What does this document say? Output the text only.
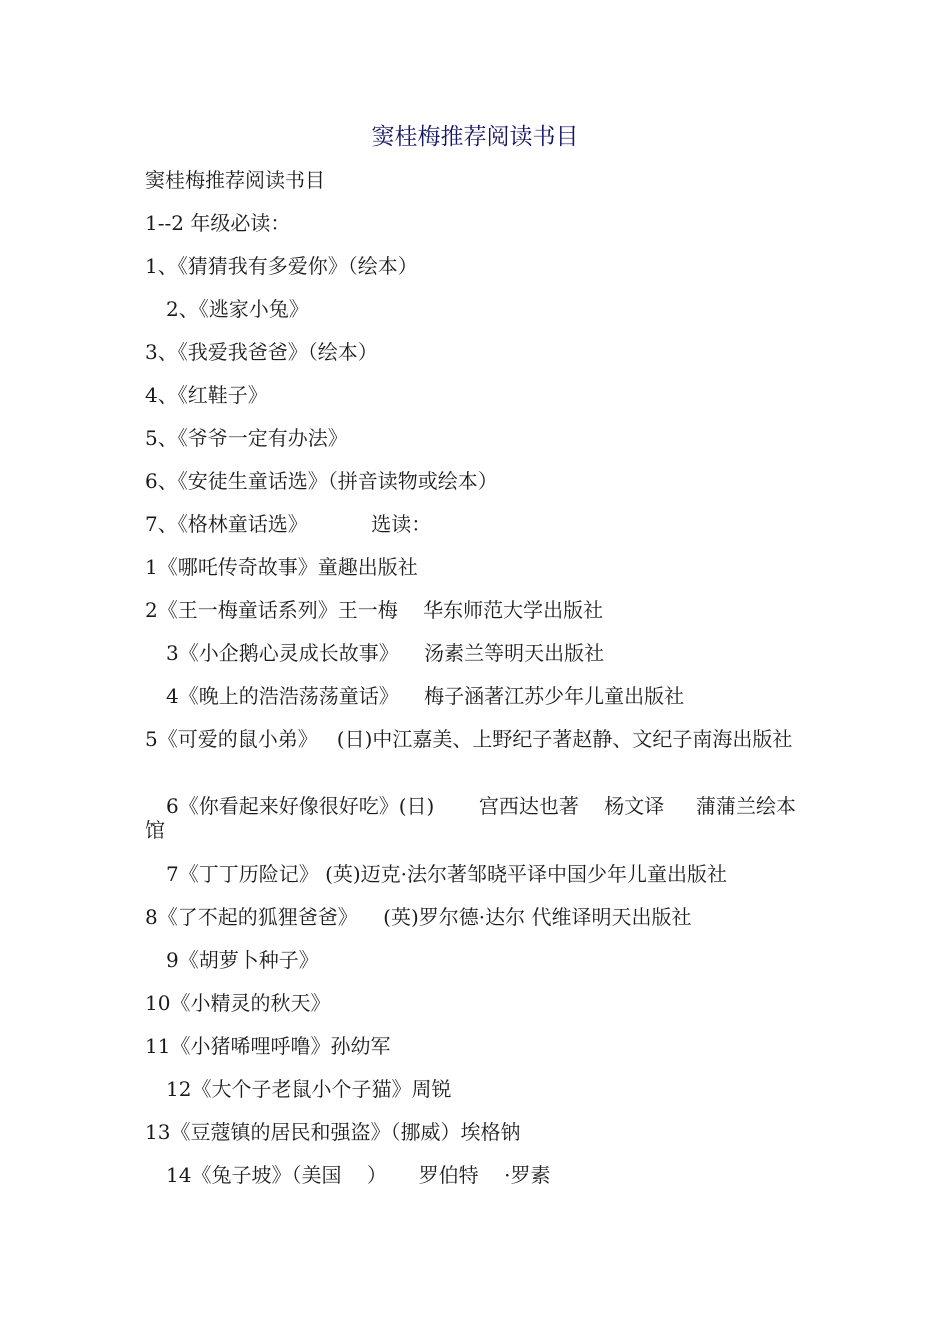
窦桂梅推荐阅读书目
窦桂梅推荐阅读书目
1--2 年级必读：
1、《猜猜我有多爱你》（绘本）
2、《逃家小兔》
3、《我爱我爸爸》（绘本）
4、《红鞋子》
5、《爷爷一定有办法》
6、《安徒生童话选》（拼音读物或绘本）
7、《格林童话选》          选读：
1《哪吒传奇故事》童趣出版社
2《王一梅童话系列》王一梅    华东师范大学出版社
3《小企鹅心灵成长故事》    汤素兰等明天出版社
4《晚上的浩浩荡荡童话》    梅子涵著江苏少年儿童出版社
5《可爱的鼠小弟》   (日)中江嘉美、上野纪子著赵静、文纪子南海出版社
6《你看起来好像很好吃》(日)       宫西达也著    杨文译     蒲蒲兰绘本馆
7《丁丁历险记》 (英)迈克·法尔著邹晓平译中国少年儿童出版社
8《了不起的狐狸爸爸》    (英)罗尔德·达尔 代维译明天出版社
9《胡萝卜种子》
10《小精灵的秋天》
11《小猪唏哩呼噜》孙幼军
12《大个子老鼠小个子猫》周锐
13《豆蔻镇的居民和强盗》（挪威）埃格钠
14《兔子坡》（美国    ）     罗伯特    ·罗素
